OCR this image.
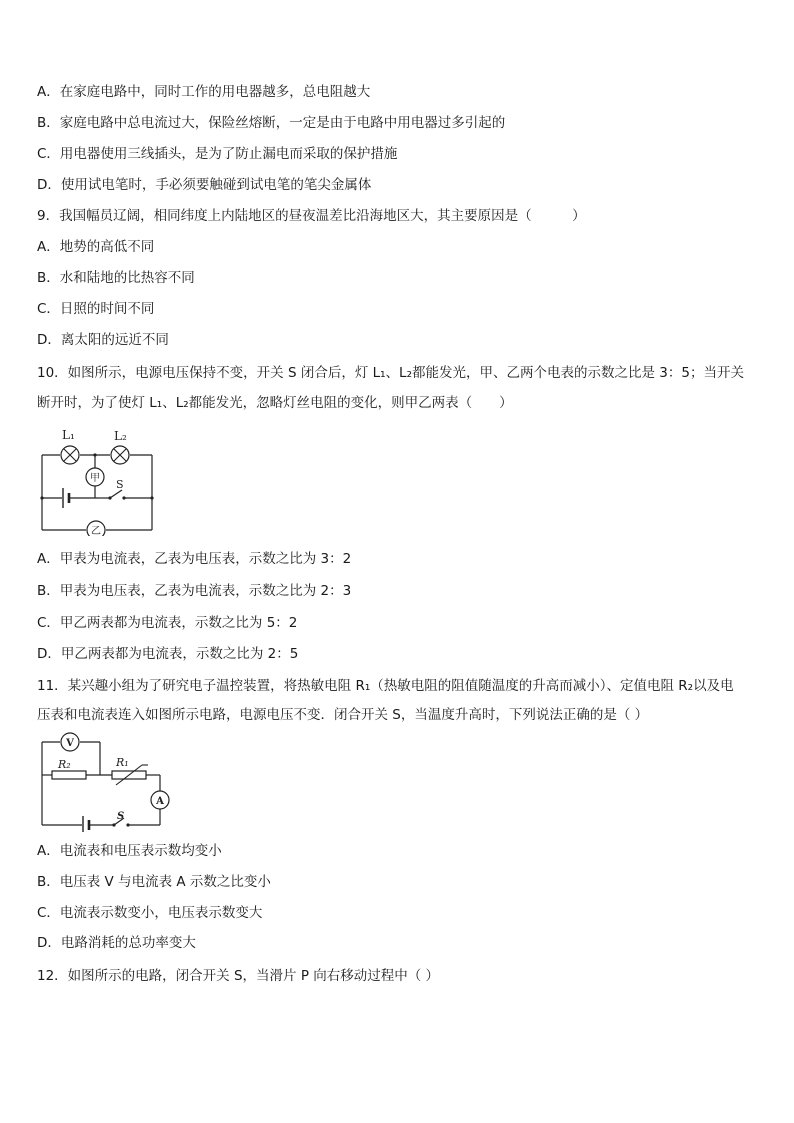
A．在家庭电路中，同时工作的用电器越多，总电阻越大
B．家庭电路中总电流过大，保险丝熔断，一定是由于电路中用电器过多引起的
C．用电器使用三线插头，是为了防止漏电而采取的保护措施
D．使用试电笔时，手必须要触碰到试电笔的笔尖金属体
9．我国幅员辽阔，相同纬度上内陆地区的昼夜温差比沿海地区大，其主要原因是（　　　）
A．地势的高低不同
B．水和陆地的比热容不同
C．日照的时间不同
D．离太阳的远近不同
10．如图所示，电源电压保持不变，开关 S 闭合后，灯 L₁、L₂都能发光，甲、乙两个电表的示数之比是 3：5；当开关
断开时，为了使灯 L₁、L₂都能发光，忽略灯丝电阻的变化，则甲乙两表（　　）
甲
乙
L₁	L₂
S
A．甲表为电流表，乙表为电压表，示数之比为 3：2
B．甲表为电压表，乙表为电流表，示数之比为 2：3
C．甲乙两表都为电流表，示数之比为 5：2
D．甲乙两表都为电流表，示数之比为 2：5
11．某兴趣小组为了研究电子温控装置，将热敏电阻 R₁（热敏电阻的阻值随温度的升高而减小）、定值电阻 R₂以及电
压表和电流表连入如图所示电路，电源电压不变．闭合开关 S，当温度升高时，下列说法正确的是（ ）
V
A
R₂	R₁
S
A．电流表和电压表示数均变小
B．电压表 V 与电流表 A 示数之比变小
C．电流表示数变小，电压表示数变大
D．电路消耗的总功率变大
12．如图所示的电路，闭合开关 S，当滑片 P 向右移动过程中（ ）
